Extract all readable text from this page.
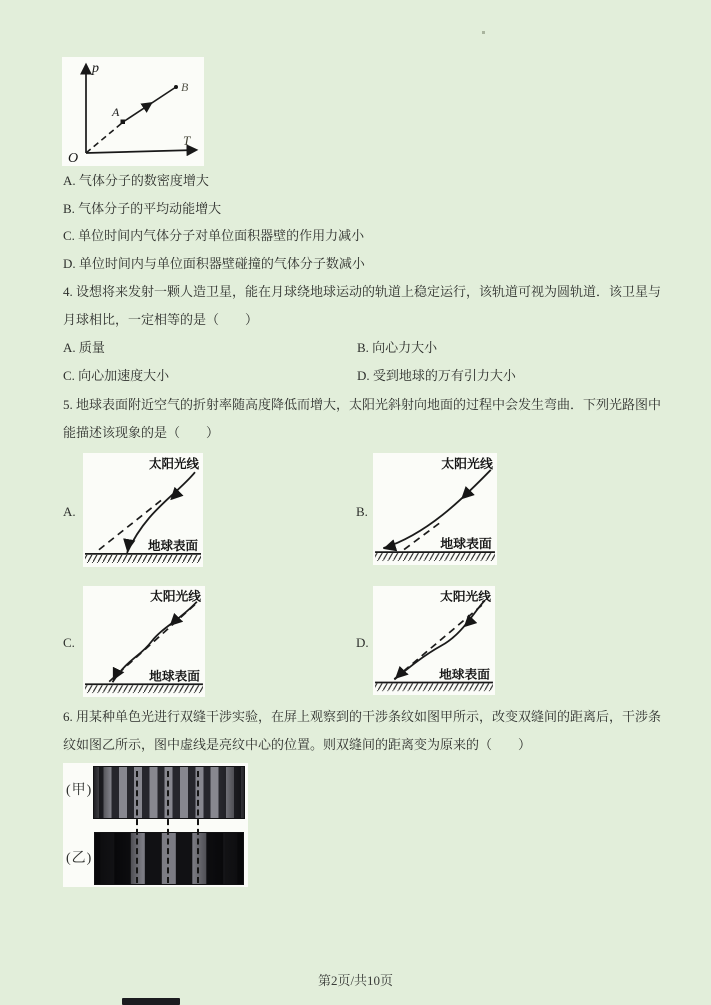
p
T
O
A
B
A. 气体分子的数密度增大
B. 气体分子的平均动能增大
C. 单位时间内气体分子对单位面积器壁的作用力减小
D. 单位时间内与单位面积器壁碰撞的气体分子数减小
4. 设想将来发射一颗人造卫星，能在月球绕地球运动的轨道上稳定运行，该轨道可视为圆轨道．该卫星与
月球相比，一定相等的是（　　）
A. 质量	B. 向心力大小
C. 向心加速度大小	D. 受到地球的万有引力大小
5. 地球表面附近空气的折射率随高度降低而增大，太阳光斜射向地面的过程中会发生弯曲．下列光路图中
能描述该现象的是（　　）
A.
太阳光线
地球表面
B.
太阳光线
地球表面
C.
太阳光线
地球表面
D.
太阳光线
地球表面
6. 用某种单色光进行双缝干涉实验，在屏上观察到的干涉条纹如图甲所示，改变双缝间的距离后，干涉条
纹如图乙所示，图中虚线是亮纹中心的位置。则双缝间的距离变为原来的（　　）
(甲)
(乙)
第2页/共10页
